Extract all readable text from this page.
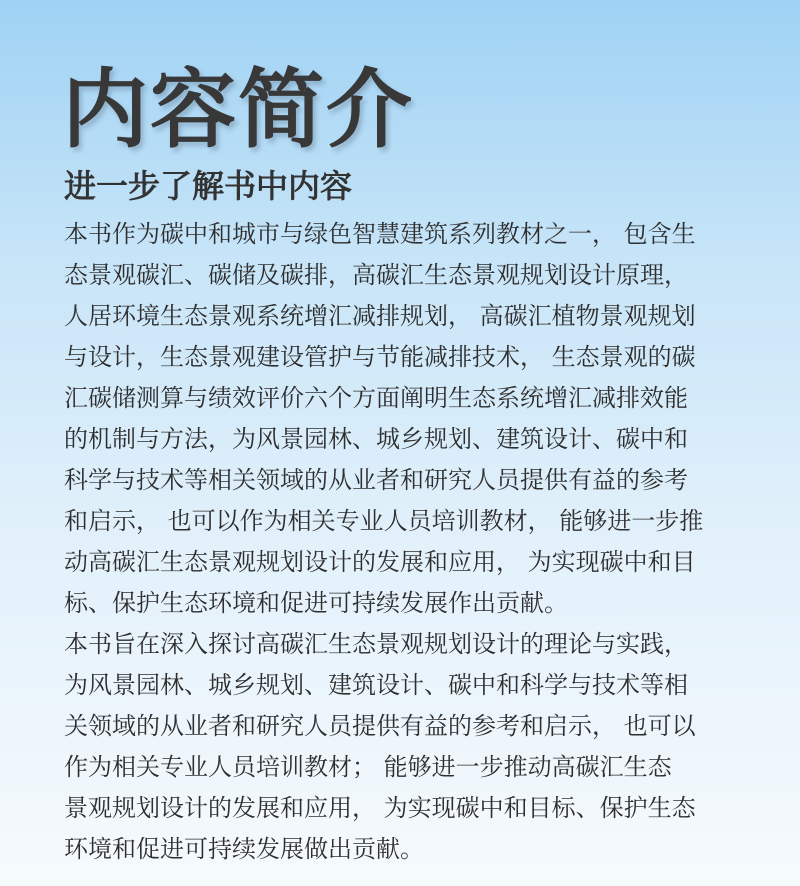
内容简介
进一步了解书中内容

本书作为碳中和城市与绿色智慧建筑系列教材之一， 包含生
态景观碳汇、碳储及碳排，高碳汇生态景观规划设计原理，
人居环境生态景观系统增汇减排规划， 高碳汇植物景观规划
与设计，生态景观建设管护与节能减排技术， 生态景观的碳
汇碳储测算与绩效评价六个方面阐明生态系统增汇减排效能
的机制与方法，为风景园林、城乡规划、建筑设计、碳中和
科学与技术等相关领域的从业者和研究人员提供有益的参考
和启示， 也可以作为相关专业人员培训教材， 能够进一步推
动高碳汇生态景观规划设计的发展和应用， 为实现碳中和目
标、保护生态环境和促进可持续发展作出贡献。

本书旨在深入探讨高碳汇生态景观规划设计的理论与实践，
为风景园林、城乡规划、建筑设计、碳中和科学与技术等相
关领域的从业者和研究人员提供有益的参考和启示， 也可以
作为相关专业人员培训教材； 能够进一步推动高碳汇生态
景观规划设计的发展和应用， 为实现碳中和目标、保护生态
环境和促进可持续发展做出贡献。
